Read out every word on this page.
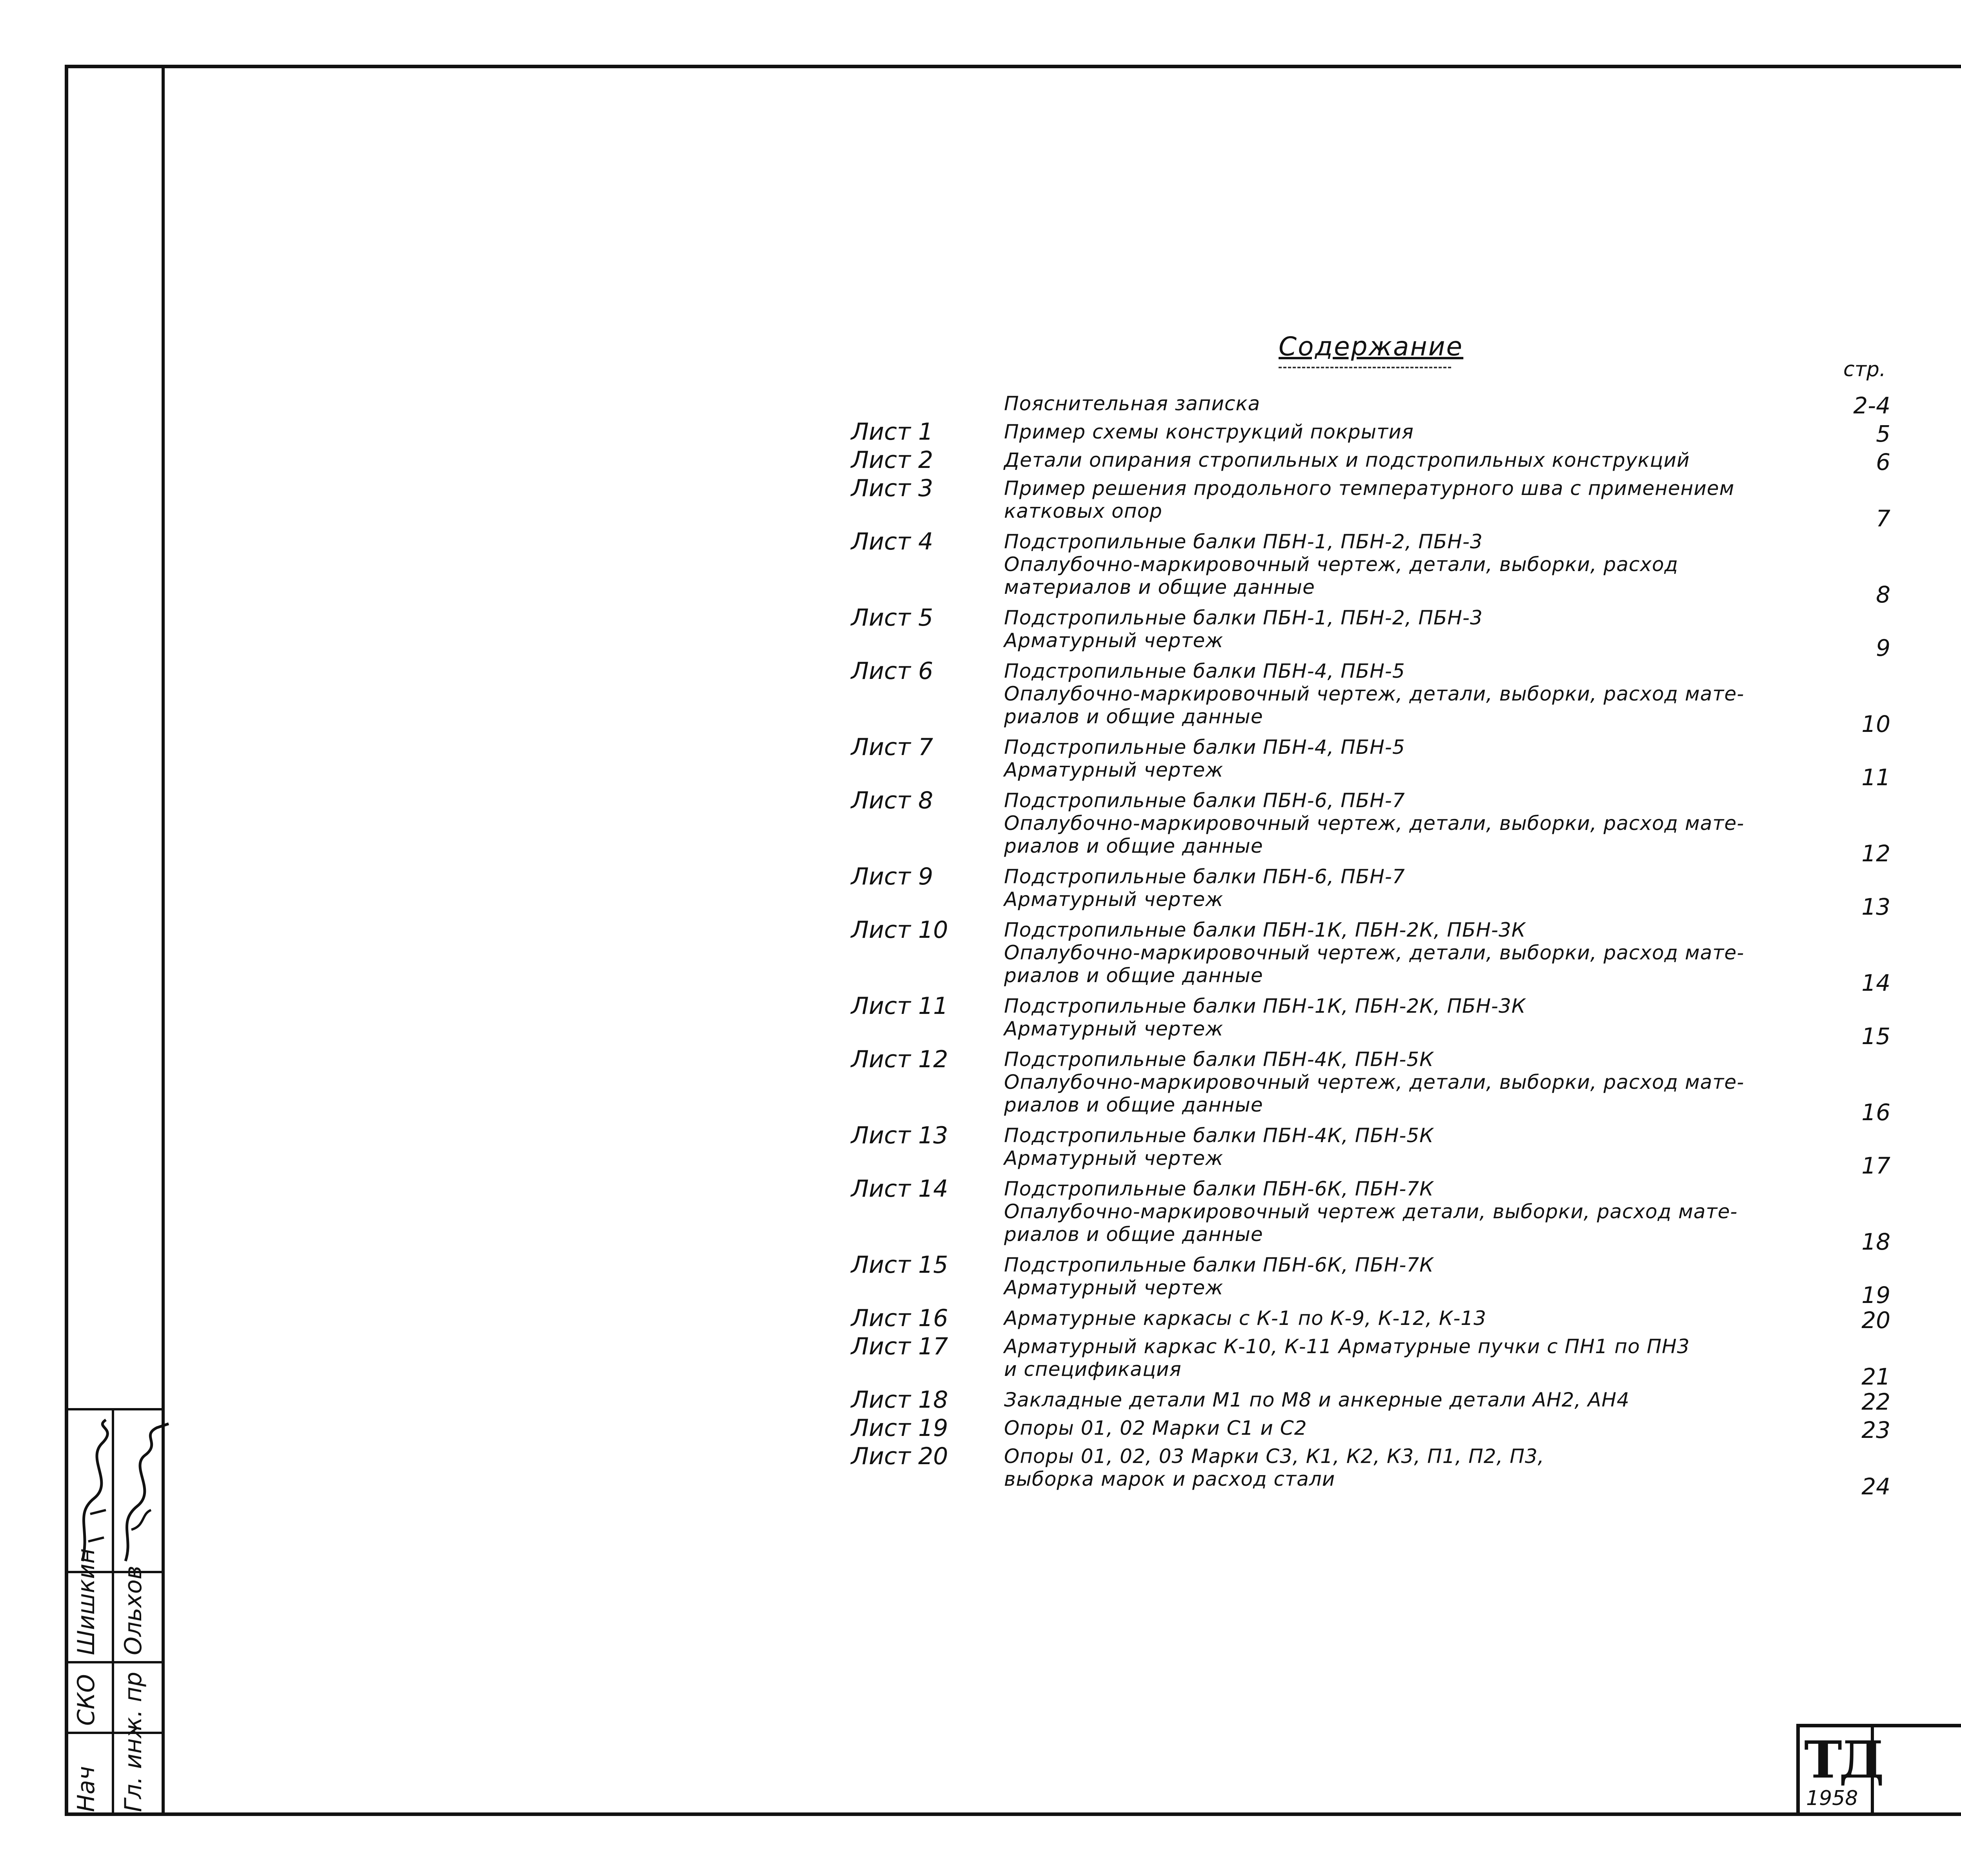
Содержание
стр.
Пояснительная записка	2-4
Лист 1	Пример схемы конструкций покрытия	5
Лист 2	Детали опирания стропильных и подстропильных конструкций	6
Лист 3	Пример решения продольного температурного шва с применением
катковых опор	7
Лист 4	Подстропильные балки ПБН-1, ПБН-2, ПБН-3
Опалубочно-маркировочный чертеж, детали, выборки, расход
материалов и общие данные	8
Лист 5	Подстропильные балки ПБН-1, ПБН-2, ПБН-3
Арматурный чертеж	9
Лист 6	Подстропильные балки ПБН-4, ПБН-5
Опалубочно-маркировочный чертеж, детали, выборки, расход мате-
риалов и общие данные	10
Лист 7	Подстропильные балки ПБН-4, ПБН-5
Арматурный чертеж	11
Лист 8	Подстропильные балки ПБН-6, ПБН-7
Опалубочно-маркировочный чертеж, детали, выборки, расход мате-
риалов и общие данные	12
Лист 9	Подстропильные балки ПБН-6, ПБН-7
Арматурный чертеж	13
Лист 10	Подстропильные балки ПБН-1К, ПБН-2К, ПБН-3К
Опалубочно-маркировочный чертеж, детали, выборки, расход мате-
риалов и общие данные	14
Лист 11	Подстропильные балки ПБН-1К, ПБН-2К, ПБН-3К
Арматурный чертеж	15
Лист 12	Подстропильные балки ПБН-4К, ПБН-5К
Опалубочно-маркировочный чертеж, детали, выборки, расход мате-
риалов и общие данные	16
Лист 13	Подстропильные балки ПБН-4К, ПБН-5К
Арматурный чертеж	17
Лист 14	Подстропильные балки ПБН-6К, ПБН-7К
Опалубочно-маркировочный чертеж детали, выборки, расход мате-
риалов и общие данные	18
Лист 15	Подстропильные балки ПБН-6К, ПБН-7К
Арматурный чертеж	19
Лист 16	Арматурные каркасы с К-1 по К-9, К-12, К-13	20
Лист 17	Арматурный каркас К-10, К-11 Арматурные пучки с ПН1 по ПН3
и спецификация	21
Лист 18	Закладные детали М1 по М8 и анкерные детали АН2, АН4	22
Лист 19	Опоры 01, 02 Марки С1 и С2	23
Лист 20	Опоры 01, 02, 03 Марки С3, К1, К2, К3, П1, П2, П3,
выборка марок и расход стали	24
Нач
СКО
Шишкин
Гл. инж. пр
Ольхов
ТД
1958
